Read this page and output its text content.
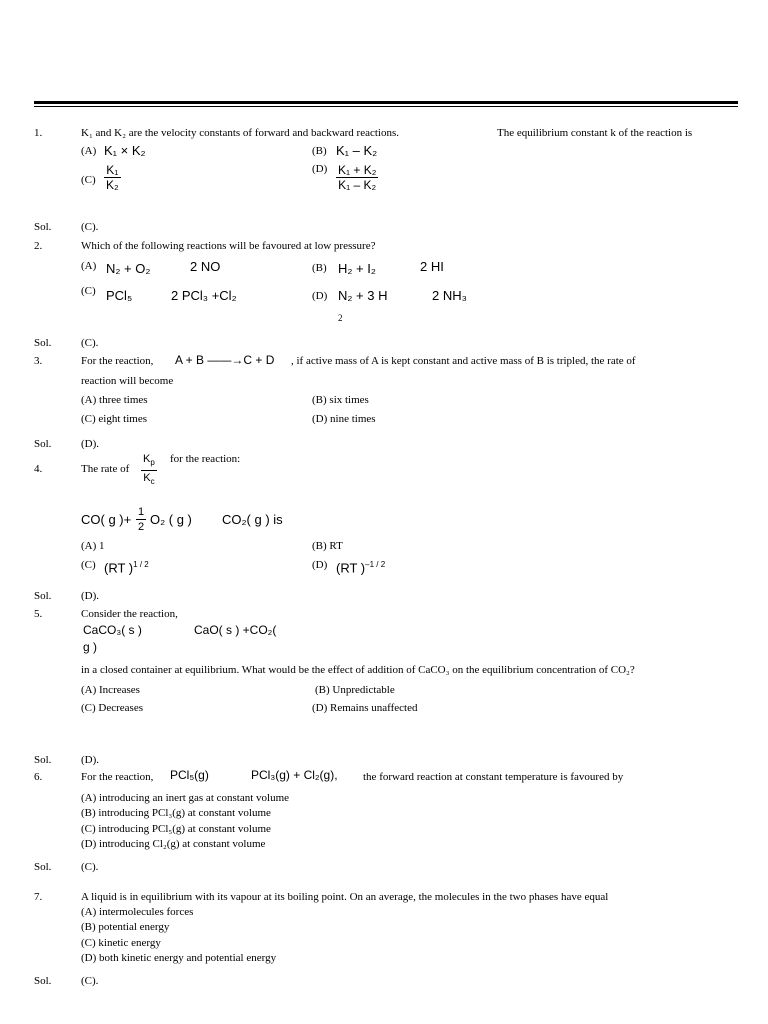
1.	K₁ and K₂ are the velocity constants of forward and backward reactions.	The equilibrium constant k of the reaction is
(A) K₁ × K₂	(B) K₁ – K₂
$(C) \frac{\text{K₁}}{\text{K₂}}$	$(D) \frac{\text{K₁ + K₂}}{\text{K₁ – K₂}}$
Sol.	(C).
2.	Which of the following reactions will be favoured at low pressure?
(A) N₂ + O₂	2 NO	(B) H₂ + I₂	2 HI
(C) PCl₅	2 PCl₃ +Cl₂	(D) N₂ + 3 H	2 NH₃
2
Sol.	(C).
3.	For the reaction, A + B ——→C + D , if active mass of A is kept constant and active mass of B is tripled, the rate of
reaction will become
(A) three times	(B) six times
(C) eight times	(D) nine times
Sol.	(D).
4.	The rate of $\frac{K_p}{K_c}$ for the reaction:
CO( g )+ $\frac{1}{2} O_2$ ( g ) CO₂( g ) is
(A) 1	(B) RT
(C) (RT )$^{1 / 2}$	(D) (RT )$^{-1 / 2}$
Sol.	(D).
5.	Consider the reaction,
CaCO₃( s )	CaO( s ) +CO₂(
g )
in a closed container at equilibrium. What would be the effect of addition of CaCO₃ on the equilibrium concentration of CO₂?
(A) Increases	(B) Unpredictable
(C) Decreases	(D) Remains unaffected
Sol.	(D).
6.	For the reaction, PCl₅(g)	PCl₃(g) + Cl₂(g), the forward reaction at constant temperature is favoured by
(A) introducing an inert gas at constant volume
(B) introducing PCl₃(g) at constant volume
(C) introducing PCl₅(g) at constant volume
(D) introducing Cl₂(g) at constant volume
Sol.	(C).
7.	A liquid is in equilibrium with its vapour at its boiling point. On an average, the molecules in the two phases have equal
(A) intermolecules forces
(B) potential energy
(C) kinetic energy
(D) both kinetic energy and potential energy
Sol.	(C).
